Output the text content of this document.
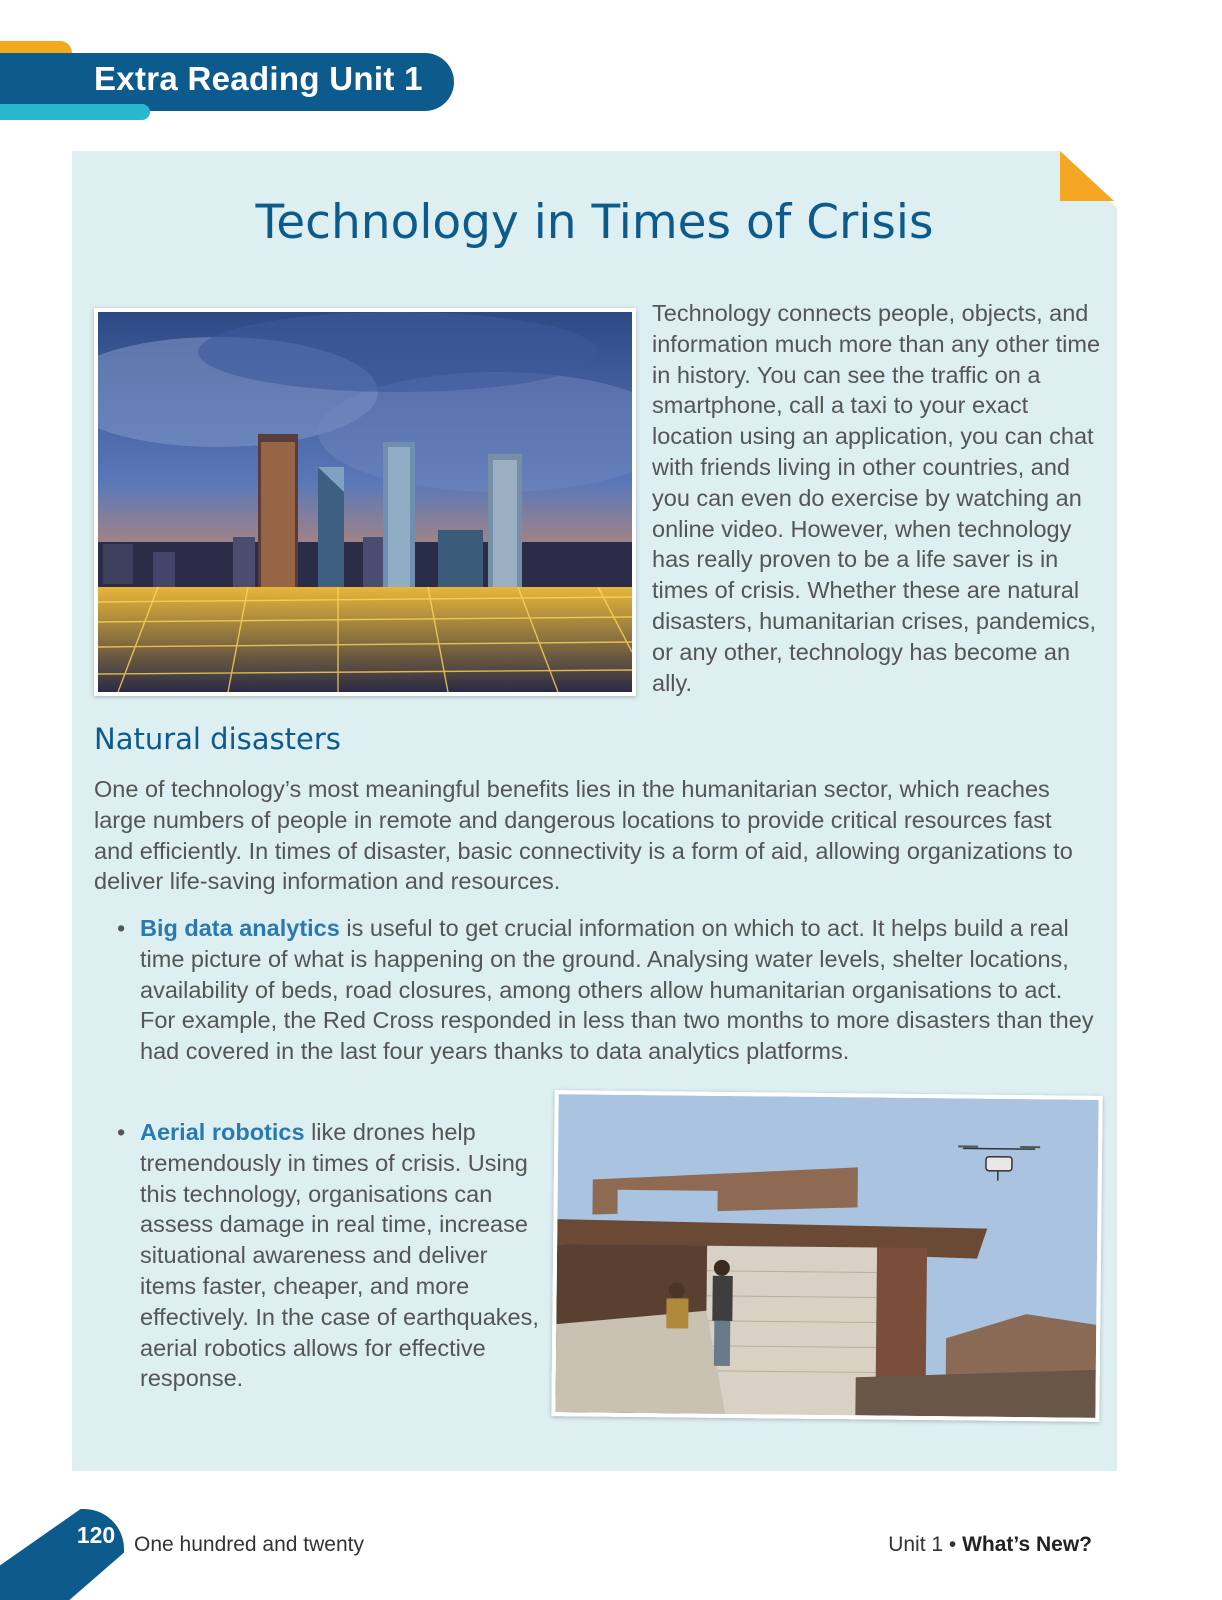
Extra Reading Unit 1
Technology in Times of Crisis
Technology connects people, objects, and information much more than any other time in history. You can see the traffic on a smartphone, call a taxi to your exact location using an application, you can chat with friends living in other countries, and you can even do exercise by watching an online video. However, when technology has really proven to be a life saver is in times of crisis. Whether these are natural disasters, humanitarian crises, pandemics, or any other, technology has become an ally.
Natural disasters
One of technology’s most meaningful benefits lies in the humanitarian sector, which reaches large numbers of people in remote and dangerous locations to provide critical resources fast and efficiently. In times of disaster, basic connectivity is a form of aid, allowing organizations to deliver life-saving information and resources.
• Big data analytics is useful to get crucial information on which to act. It helps build a real time picture of what is happening on the ground. Analysing water levels, shelter locations, availability of beds, road closures, among others allow humanitarian organisations to act. For example, the Red Cross responded in less than two months to more disasters than they had covered in the last four years thanks to data analytics platforms.
• Aerial robotics like drones help tremendously in times of crisis. Using this technology, organisations can assess damage in real time, increase situational awareness and deliver items faster, cheaper, and more effectively. In the case of earthquakes, aerial robotics allows for effective response.
120 One hundred and twenty	Unit 1 • What’s New?
